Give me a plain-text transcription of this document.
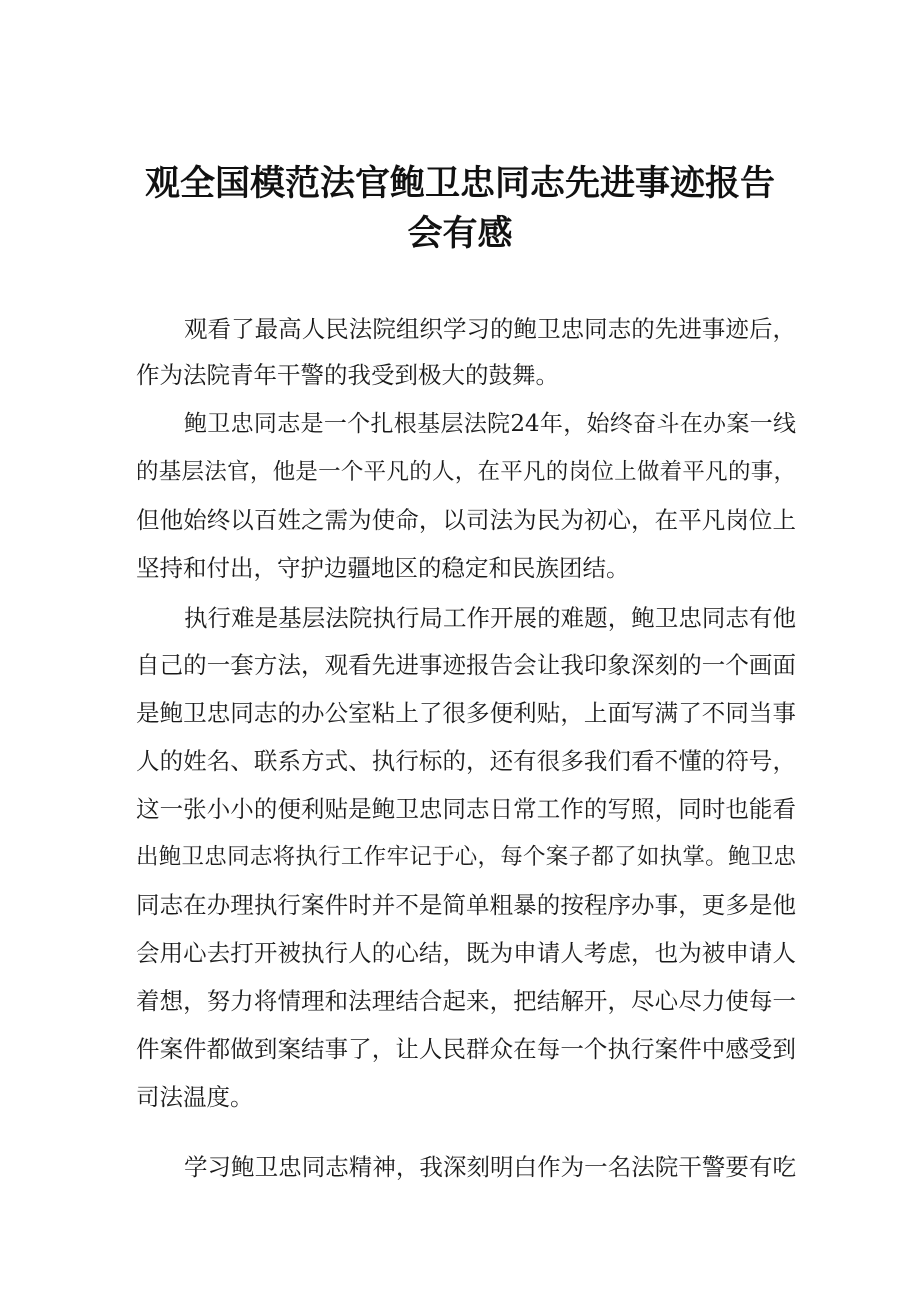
观全国模范法官鲍卫忠同志先进事迹报告
会有感
观看了最高人民法院组织学习的鲍卫忠同志的先进事迹后，
作为法院青年干警的我受到极大的鼓舞。
鲍卫忠同志是一个扎根基层法院24年，始终奋斗在办案一线
的基层法官，他是一个平凡的人，在平凡的岗位上做着平凡的事，
但他始终以百姓之需为使命，以司法为民为初心，在平凡岗位上
坚持和付出，守护边疆地区的稳定和民族团结。
执行难是基层法院执行局工作开展的难题，鲍卫忠同志有他
自己的一套方法，观看先进事迹报告会让我印象深刻的一个画面
是鲍卫忠同志的办公室粘上了很多便利贴，上面写满了不同当事
人的姓名、联系方式、执行标的，还有很多我们看不懂的符号，
这一张小小的便利贴是鲍卫忠同志日常工作的写照，同时也能看
出鲍卫忠同志将执行工作牢记于心，每个案子都了如执掌。鲍卫忠
同志在办理执行案件时并不是简单粗暴的按程序办事，更多是他
会用心去打开被执行人的心结，既为申请人考虑，也为被申请人
着想，努力将情理和法理结合起来，把结解开，尽心尽力使每一
件案件都做到案结事了，让人民群众在每一个执行案件中感受到
司法温度。
学习鲍卫忠同志精神，我深刻明白作为一名法院干警要有吃
